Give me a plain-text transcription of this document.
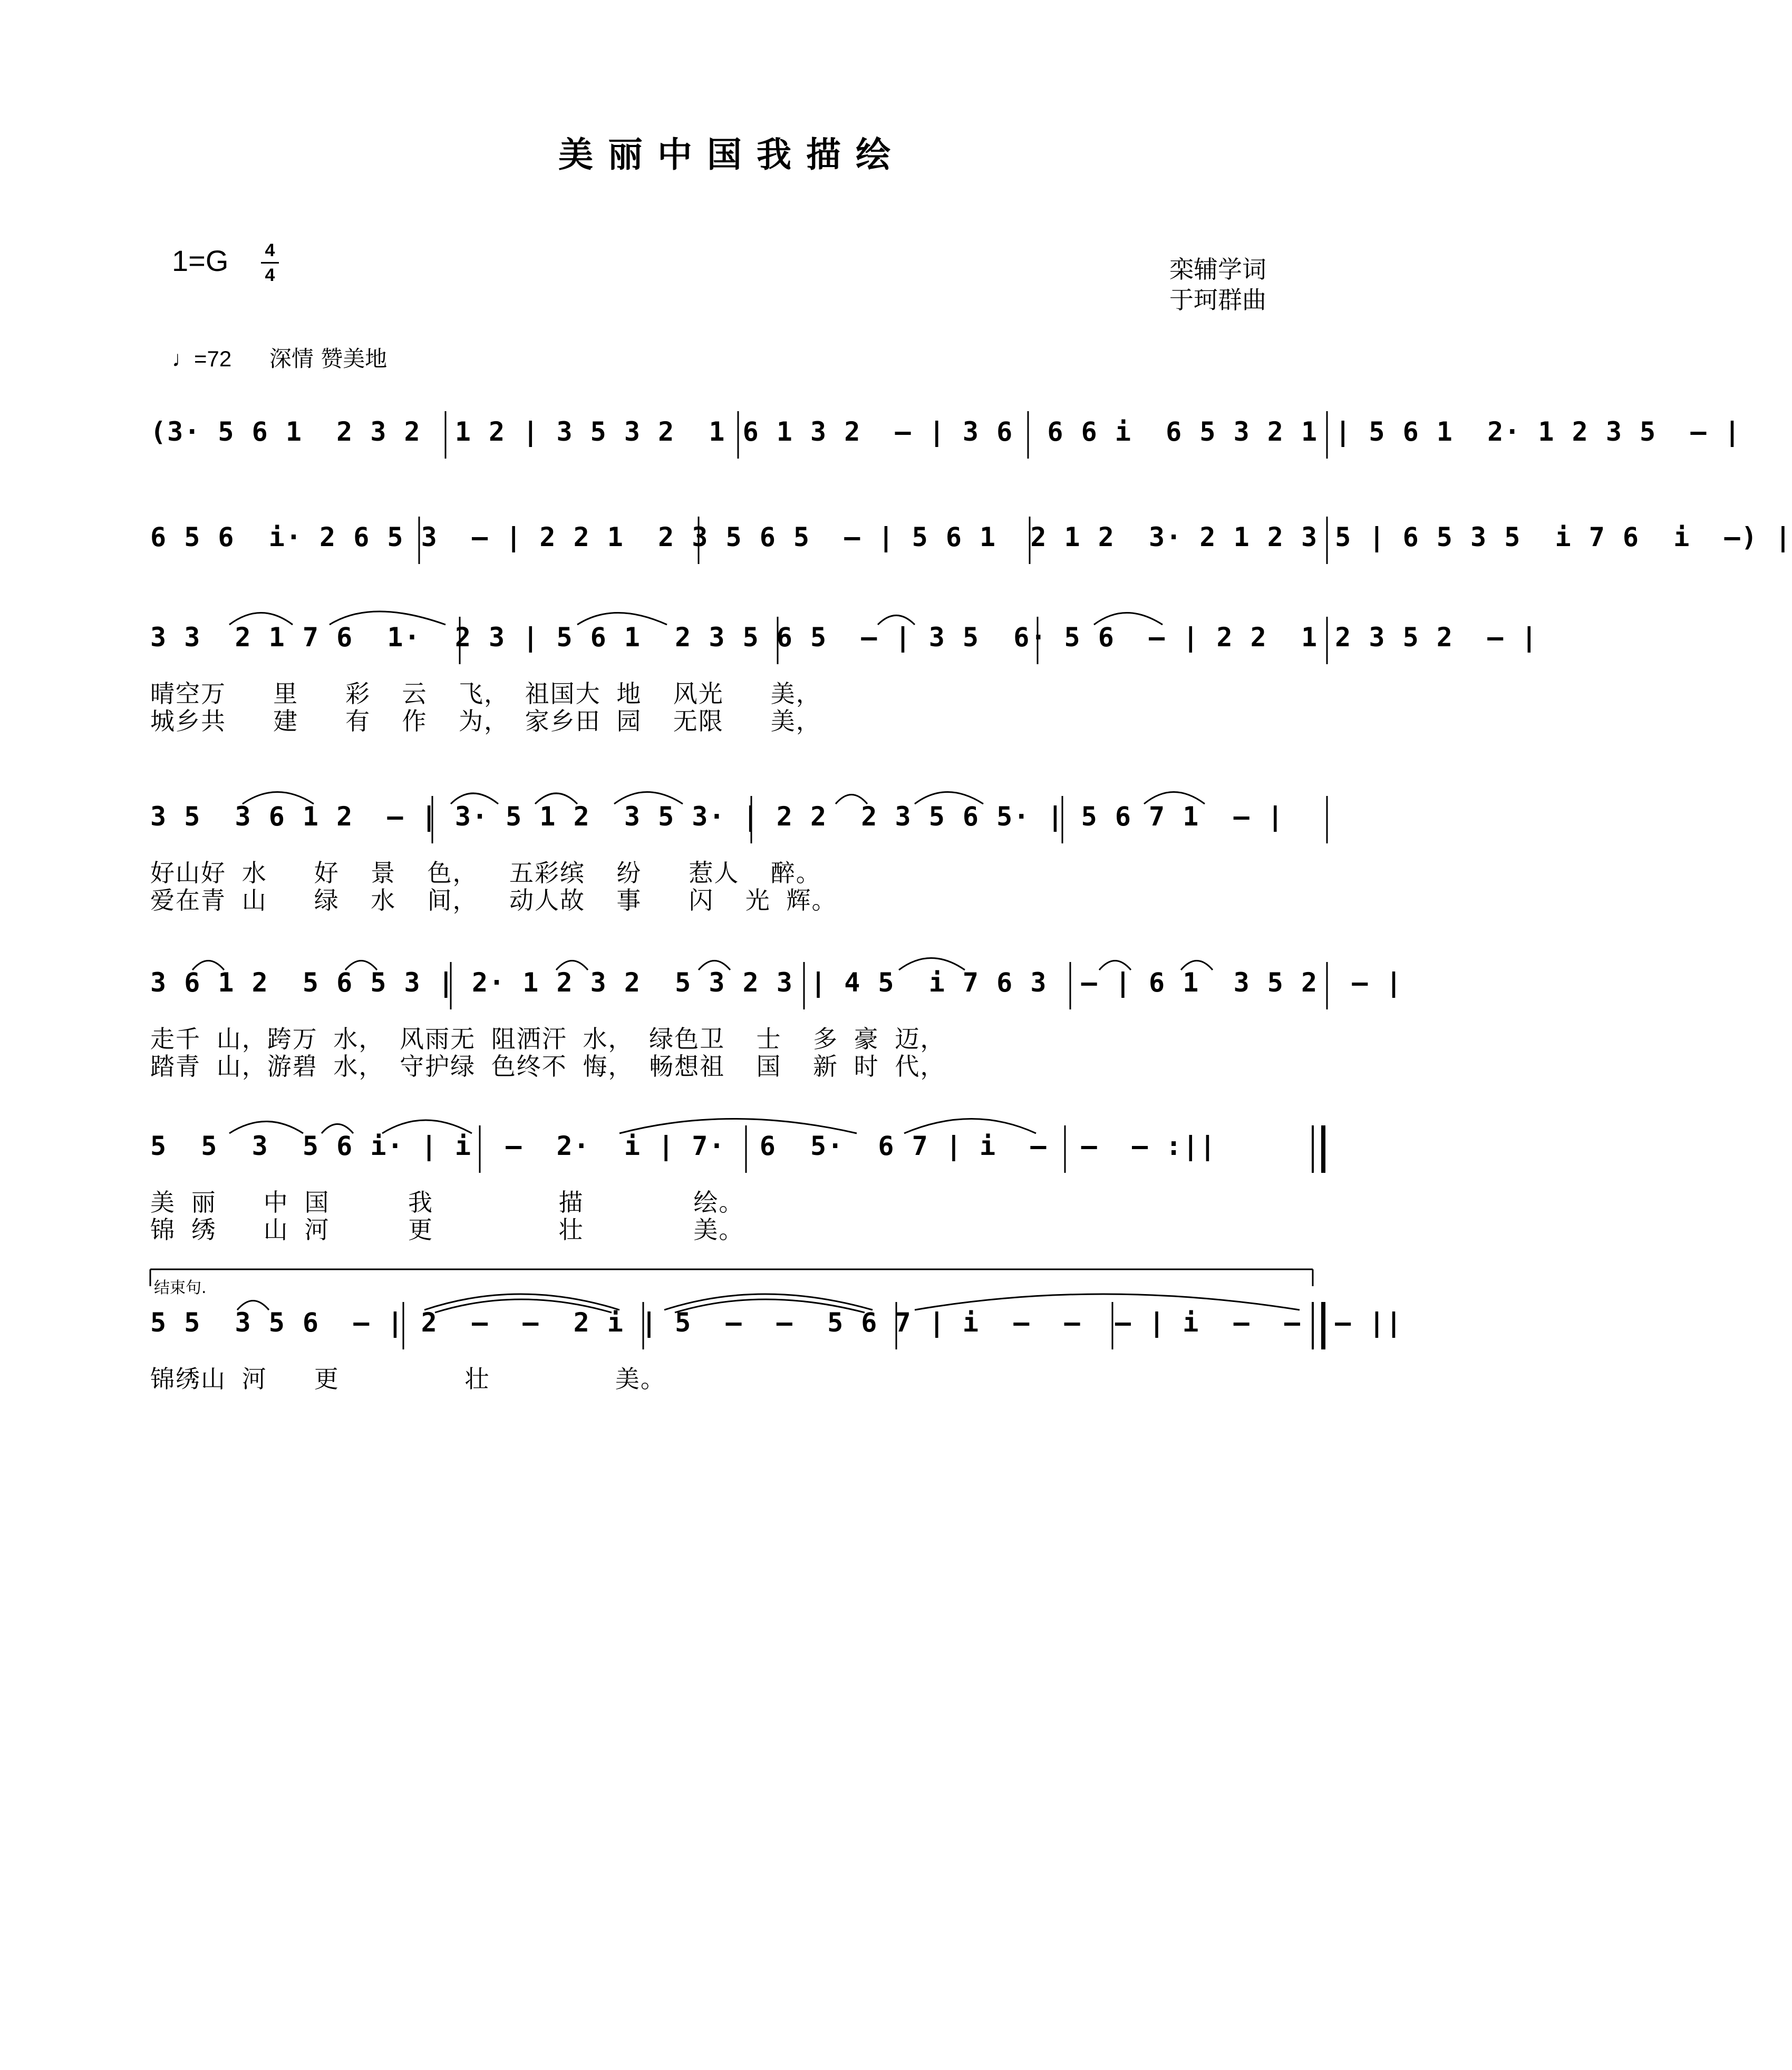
美丽中国我描绘
1=G 4
4	栾辅学词
于珂群曲
♩=72 深情 赞美地
(3· 5 6 1  2 3 2  1 2 | 3 5 3 2  1 6 1 3 2  – | 3 6  6 6 i  6 5 3 2 1 | 5 6 1  2· 1 2 3 5  – |
6 5 6  i· 2 6 5 3  – | 2 2 1  2 3 5 6 5  – | 5 6 1  2 1 2  3· 2 1 2 3 5 | 6 5 3 5  i 7 6  i  –) |
3 3  2 1 7 6  1·  2 3 | 5 6 1  2 3 5 6 5  – | 3 5  6· 5 6  – | 2 2  1 2 3 5 2  – |
晴空万   里   彩  云  飞， 祖国大 地  风光   美，
城乡共   建   有  作  为， 家乡田 园  无限   美，
3 5  3 6 1 2  – | 3· 5 1 2  3 5 3· | 2 2  2 3 5 6 5· | 5 6 7 1  – |
好山好 水   好  景  色，  五彩缤  纷   惹人  醉。
爱在青 山   绿  水  间，  动人故  事   闪  光 辉。
3 6 1 2  5 6 5 3 | 2· 1 2 3 2  5 3 2 3 | 4 5  i 7 6 3  – | 6 1  3 5 2  – |
走千 山，跨万 水， 风雨无 阻洒汗 水， 绿色卫  士  多 豪 迈，
踏青 山，游碧 水， 守护绿 色终不 悔， 畅想祖  国  新 时 代，
5  5  3  5 6 i· | i  –  2·  i | 7·  6  5·  6 7 | i  –  –  – :||
美 丽   中 国     我        描       绘。
锦 绣   山 河     更        壮       美。
结束句.
5 5  3 5 6  – | 2  –  –  2 i | 5  –  –  5 6 7 | i  –  –  – | i  –  –  – ||
锦绣山 河   更        壮        美。
